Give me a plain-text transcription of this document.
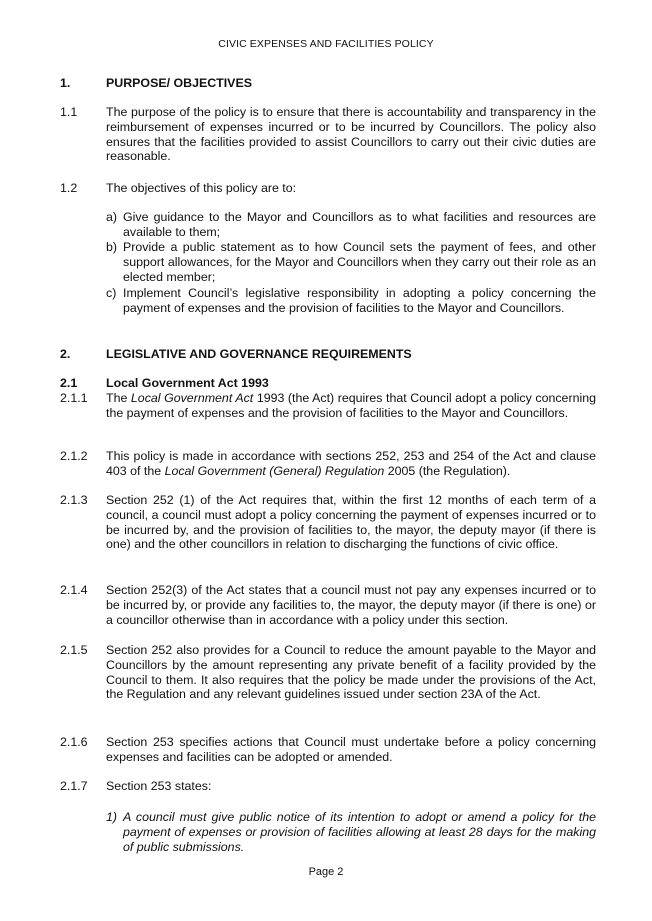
CIVIC EXPENSES AND FACILITIES POLICY
1.	PURPOSE/ OBJECTIVES
1.1 The purpose of the policy is to ensure that there is accountability and transparency in the reimbursement of expenses incurred or to be incurred by Councillors. The policy also ensures that the facilities provided to assist Councillors to carry out their civic duties are reasonable.
1.2 The objectives of this policy are to:
a) Give guidance to the Mayor and Councillors as to what facilities and resources are available to them;
b) Provide a public statement as to how Council sets the payment of fees, and other support allowances, for the Mayor and Councillors when they carry out their role as an elected member;
c) Implement Council’s legislative responsibility in adopting a policy concerning the payment of expenses and the provision of facilities to the Mayor and Councillors.
2.	LEGISLATIVE AND GOVERNANCE REQUIREMENTS
2.1 Local Government Act 1993
2.1.1 The Local Government Act 1993 (the Act) requires that Council adopt a policy concerning the payment of expenses and the provision of facilities to the Mayor and Councillors.
2.1.2 This policy is made in accordance with sections 252, 253 and 254 of the Act and clause 403 of the Local Government (General) Regulation 2005 (the Regulation).
2.1.3 Section 252 (1) of the Act requires that, within the first 12 months of each term of a council, a council must adopt a policy concerning the payment of expenses incurred or to be incurred by, and the provision of facilities to, the mayor, the deputy mayor (if there is one) and the other councillors in relation to discharging the functions of civic office.
2.1.4 Section 252(3) of the Act states that a council must not pay any expenses incurred or to be incurred by, or provide any facilities to, the mayor, the deputy mayor (if there is one) or a councillor otherwise than in accordance with a policy under this section.
2.1.5 Section 252 also provides for a Council to reduce the amount payable to the Mayor and Councillors by the amount representing any private benefit of a facility provided by the Council to them. It also requires that the policy be made under the provisions of the Act, the Regulation and any relevant guidelines issued under section 23A of the Act.
2.1.6 Section 253 specifies actions that Council must undertake before a policy concerning expenses and facilities can be adopted or amended.
2.1.7 Section 253 states:
1) A council must give public notice of its intention to adopt or amend a policy for the payment of expenses or provision of facilities allowing at least 28 days for the making of public submissions.
Page 2
